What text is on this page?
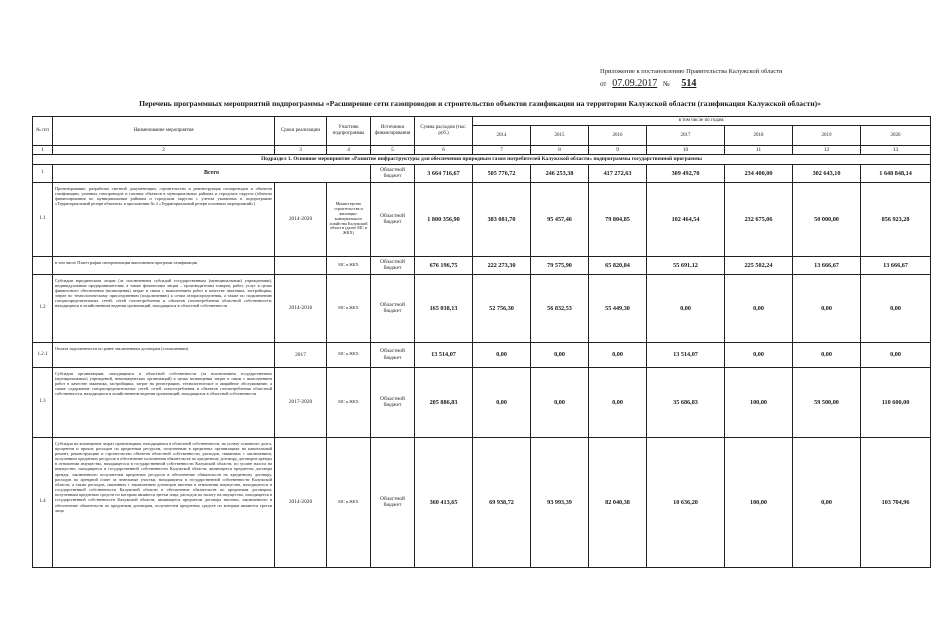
Приложение к постановлению Правительства Калужской области
от 07.09.2017 № 514
Перечень программных мероприятий подпрограммы «Расширение сети газопроводов и строительство объектов газификации на территории Калужской области (газификация Калужской области)»
№ п/п	Наименование мероприятия	Сроки реализации	Участник подпрограммы	Источники финансирования	Сумма расходов (тыс. руб.)	в том числе по годам:						
						2014	2015	2016	2017	2018	2019	2020
1	2	3	4	5	6	7	8	9	10	11	12	13
Подраздел 1. Основное мероприятие «Развитие инфраструктуры для обеспечения природным газом потребителей Калужской области» подпрограммы государственной программы												
1	Всего			Областной бюджет	3 664 716,67	505 776,72	246 253,38	417 272,63	309 492,70	234 400,00	302 643,10	1 648 848,14
1.1	Проектирование, разработка сметной документации, строительство и реконструкция газопроводов и объектов газификации, уличных газопроводов и газовых объектов в муниципальных районах и городских округах (объекты финансирования по муниципальным районам и городским округам с учетом указанных в подпрограмме «Территориальный резерв объектов» в приложении № 2 «Территориальный резерв основных мероприятий»)	2014-2020	Министерство строительства и жилищно-коммунального хозяйства Калужской области (далее МС и ЖКХ)	Областной бюджет	1 800 356,90	383 081,70	95 457,46	79 804,85	102 464,54	232 675,06	50 000,00	856 923,28
	в том числе План-график синхронизации выполнения программ газификации		МС и ЖКХ	Областной бюджет	676 196,75	222 273,30	79 575,90	65 820,84	55 691,12	225 502,24	13 666,67	13 666,67
1.2	Субсидии юридическим лицам (за исключением субсидий государственным (муниципальным) учреждениям), индивидуальным предпринимателям, а также физическим лицам – производителям товаров, работ, услуг в целях финансового обеспечения (возмещения) затрат в связи с выполнением работ в качестве заказчика, застройщика, затрат по технологическому присоединению (подключению) к сетям газораспределения, а также по подключению газораспределительных сетей, сетей газопотребления и объектов газопотребления областной собственности, находящихся в хозяйственном ведении организаций, находящихся в областной собственности	2014-2016	МС и ЖКХ	Областной бюджет	165 038,13	52 756,30	56 832,53	55 449,30	0,00	0,00	0,00	0,00
1.2.1	Оплата задолженности по ранее заключенным договорам (соглашениям)	2017	МС и ЖКХ	Областной бюджет	13 514,07	0,00	0,00	0,00	13 514,07	0,00	0,00	0,00
1.3	Субсидии организациям, находящимся в областной собственности (за исключением государственных (муниципальных) учреждений, некоммерческих организаций) в целях возмещения затрат в связи с выполнением работ в качестве заказчика, застройщика, затрат на регистрацию, технологическое и аварийное обслуживание, а также содержание газораспределительных сетей, сетей газопотребления и объектов газопотребления областной собственности, находящихся в хозяйственном ведении организаций, находящихся в областной собственности	2017-2020	МС и ЖКХ	Областной бюджет	205 886,83	0,00	0,00	0,00	35 686,83	100,00	59 500,00	110 600,00
1.4	Субсидия на возмещение затрат организациям, находящимся в областной собственности, на уплату основного долга, процентов и прочих расходов по кредитным ресурсам, полученным в кредитных организациях на капитальный ремонт, реконструкцию и строительство объектов областной собственности, расходов, связанных с заключением, получением кредитных ресурсов в обеспечение исполнения обязательств по кредитному договору, договоров аренды в отношении имущества, находящегося в государственной собственности Калужской области, по уплате налога на имущество, находящееся в государственной собственности Калужской области, являющееся предметом договора аренды, заключенного получателем кредитных ресурсов в обеспечение обязательств по кредитному договору, расходов по арендной плате за земельные участки, находящиеся в государственной собственности Калужской области, а также расходов, связанных с заключением договоров ипотеки в отношении имущества, находящегося в государственной собственности Калужской области в обеспечение обязательств по кредитным договорам, полученным кредитных средств по которым являются третьи лица, расходов по налогу на имущество, находящееся в государственной собственности Калужской области, являющееся предметом договора ипотеки, заключенного в обеспечение обязательств по кредитным договорам, получателем кредитных средств по которым являются третьи лица	2014-2020	МС и ЖКХ	Областной бюджет	360 413,65	69 938,72	93 993,39	82 040,38	10 636,20	100,00	0,00	103 704,96
